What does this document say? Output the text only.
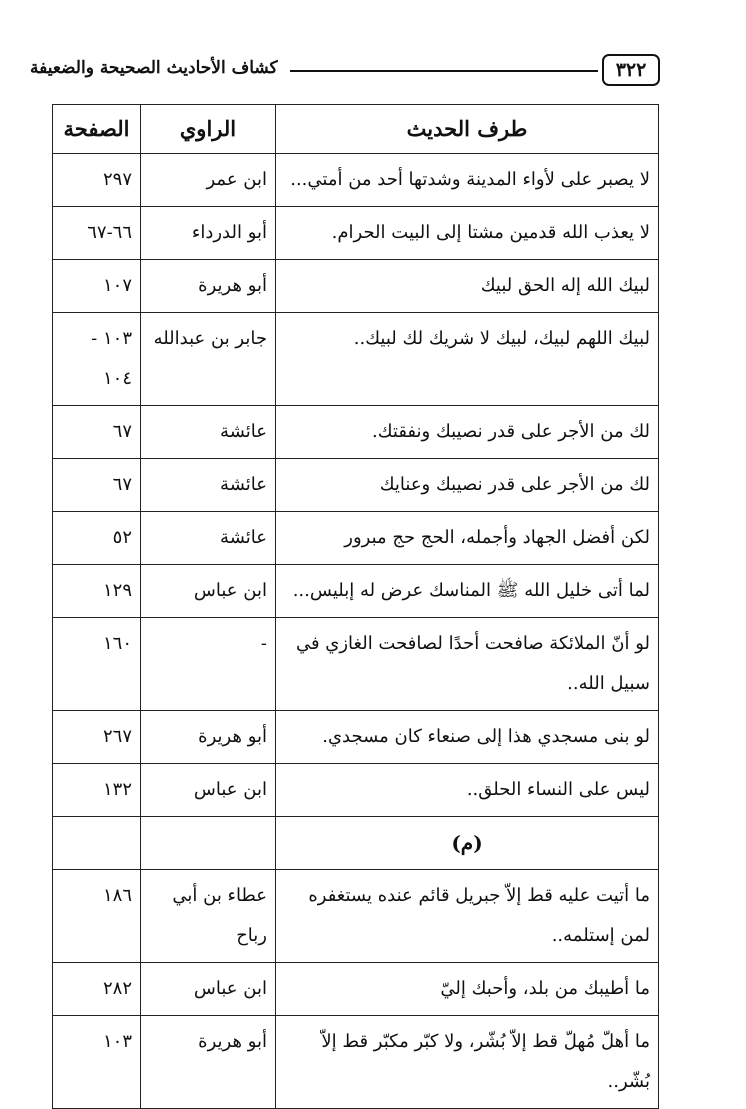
كشاف الأحاديث الصحيحة والضعيفة	٣٢٢
طرف الحديث	الراوي	الصفحة
لا يصبر على لأواء المدينة وشدتها أحد من أمتي...	ابن عمر	٢٩٧
لا يعذب الله قدمين مشتا إلى البيت الحرام.	أبو الدرداء	٦٦-٦٧
لبيك الله إله الحق لبيك	أبو هريرة	١٠٧
لبيك اللهم لبيك، لبيك لا شريك لك لبيك..	جابر بن عبدالله	١٠٣ - ١٠٤
لك من الأجر على قدر نصيبك ونفقتك.	عائشة	٦٧
لك من الأجر على قدر نصيبك وعنايك	عائشة	٦٧
لكن أفضل الجهاد وأجمله، الحج حج مبرور	عائشة	٥٢
لما أتى خليل الله ﷺ المناسك عرض له إبليس...	ابن عباس	١٢٩
لو أنّ الملائكة صافحت أحدًا لصافحت الغازي في سبيل الله..	-	١٦٠
لو بنى مسجدي هذا إلى صنعاء كان مسجدي.	أبو هريرة	٢٦٧
ليس على النساء الحلق..	ابن عباس	١٣٢
(م)		
ما أتيت عليه قط إلاّ جبريل قائم عنده يستغفره لمن إستلمه..	عطاء بن أبي رباح	١٨٦
ما أطيبك من بلد، وأحبك إليّ	ابن عباس	٢٨٢
ما أهلّ مُهلّ قط إلاّ بُشّر، ولا كبّر مكبّر قط إلاّ بُشّر..	أبو هريرة	١٠٣
